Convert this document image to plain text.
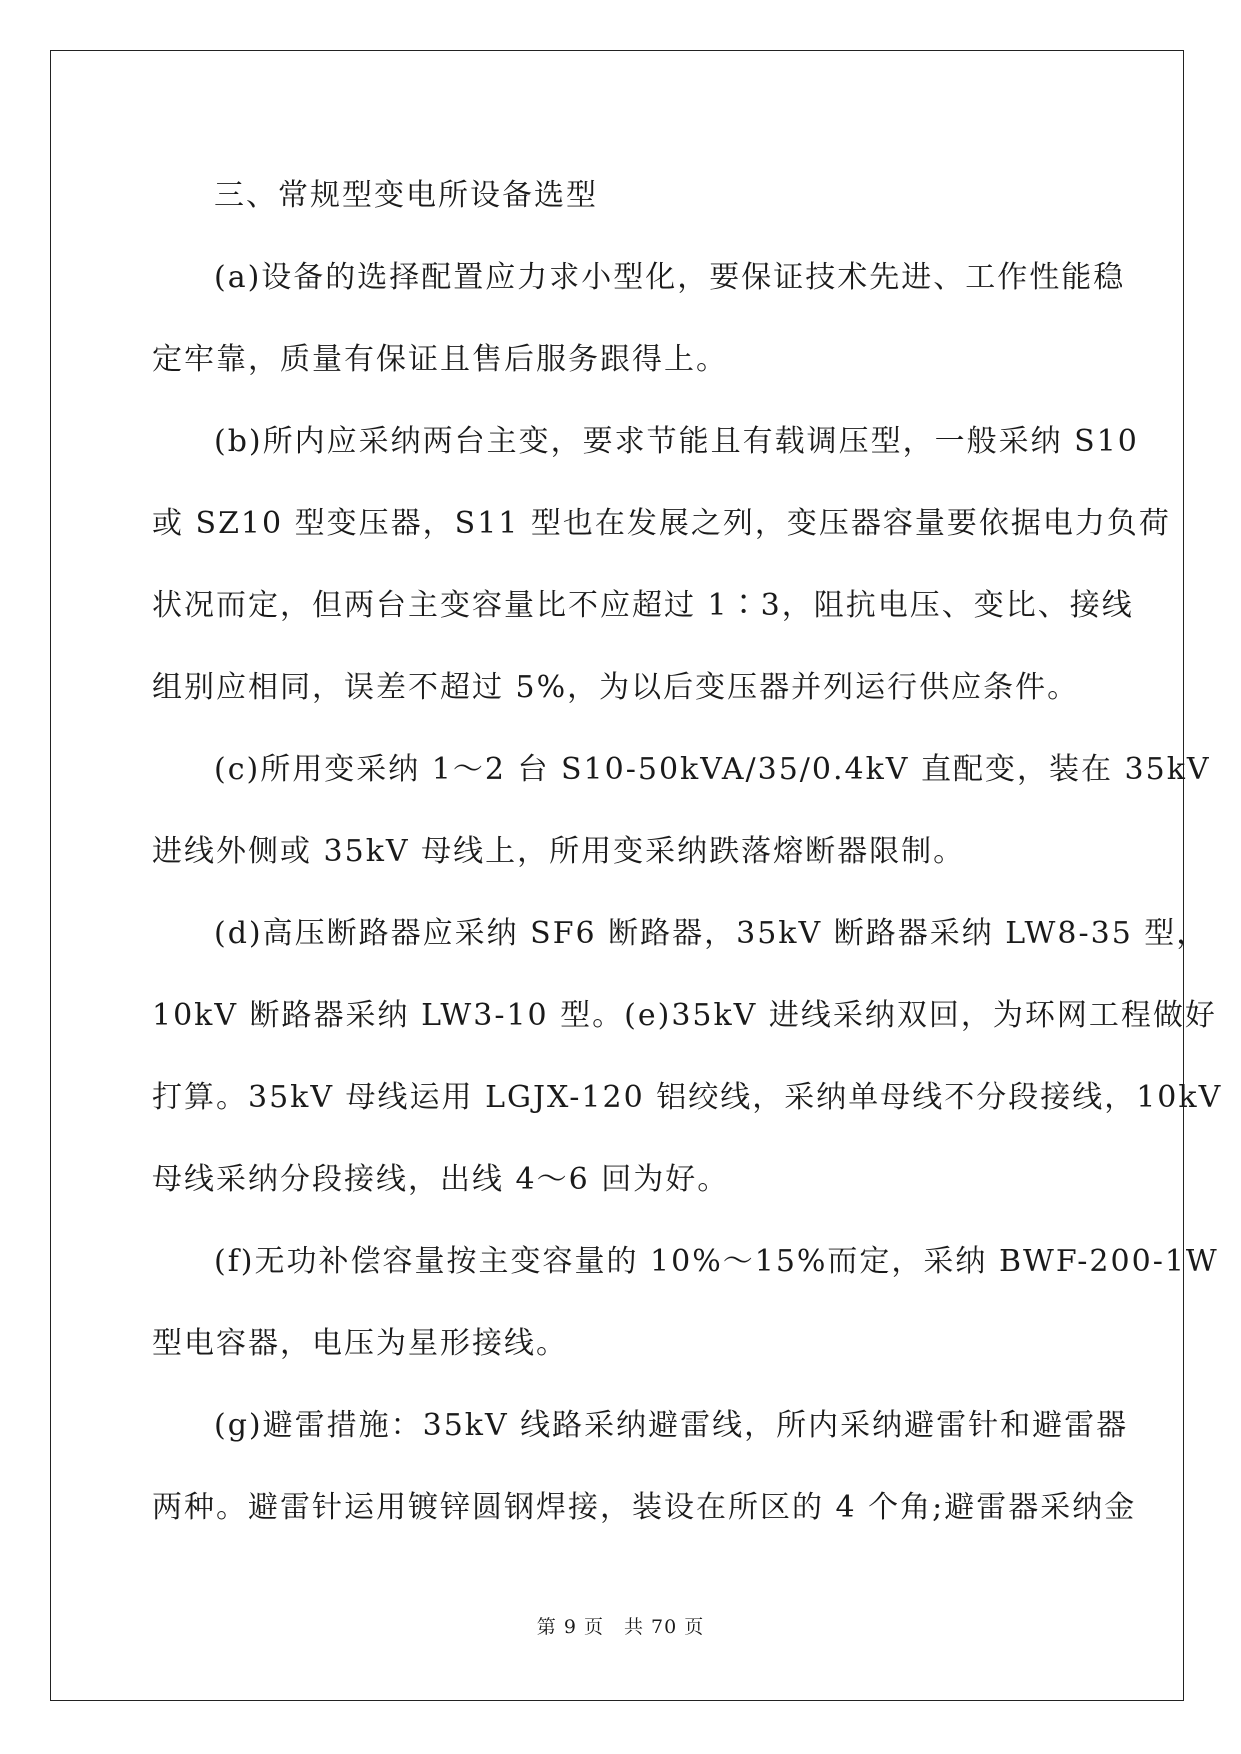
三、常规型变电所设备选型
(a)设备的选择配置应力求小型化，要保证技术先进、工作性能稳
定牢靠，质量有保证且售后服务跟得上。
(b)所内应采纳两台主变，要求节能且有载调压型，一般采纳 S10
或 SZ10 型变压器，S11 型也在发展之列，变压器容量要依据电力负荷
状况而定，但两台主变容量比不应超过 1∶3，阻抗电压、变比、接线
组别应相同，误差不超过 5%，为以后变压器并列运行供应条件。
(c)所用变采纳 1～2 台 S10-50kVA/35/0.4kV 直配变，装在 35kV
进线外侧或 35kV 母线上，所用变采纳跌落熔断器限制。
(d)高压断路器应采纳 SF6 断路器，35kV 断路器采纳 LW8-35 型，
10kV 断路器采纳 LW3-10 型。(e)35kV 进线采纳双回，为环网工程做好
打算。35kV 母线运用 LGJX-120 铝绞线，采纳单母线不分段接线，10kV
母线采纳分段接线，出线 4～6 回为好。
(f)无功补偿容量按主变容量的 10%～15%而定，采纳 BWF-200-1W
型电容器，电压为星形接线。
(g)避雷措施：35kV 线路采纳避雷线，所内采纳避雷针和避雷器
两种。避雷针运用镀锌圆钢焊接，装设在所区的 4 个角;避雷器采纳金
第 9 页　共 70 页
